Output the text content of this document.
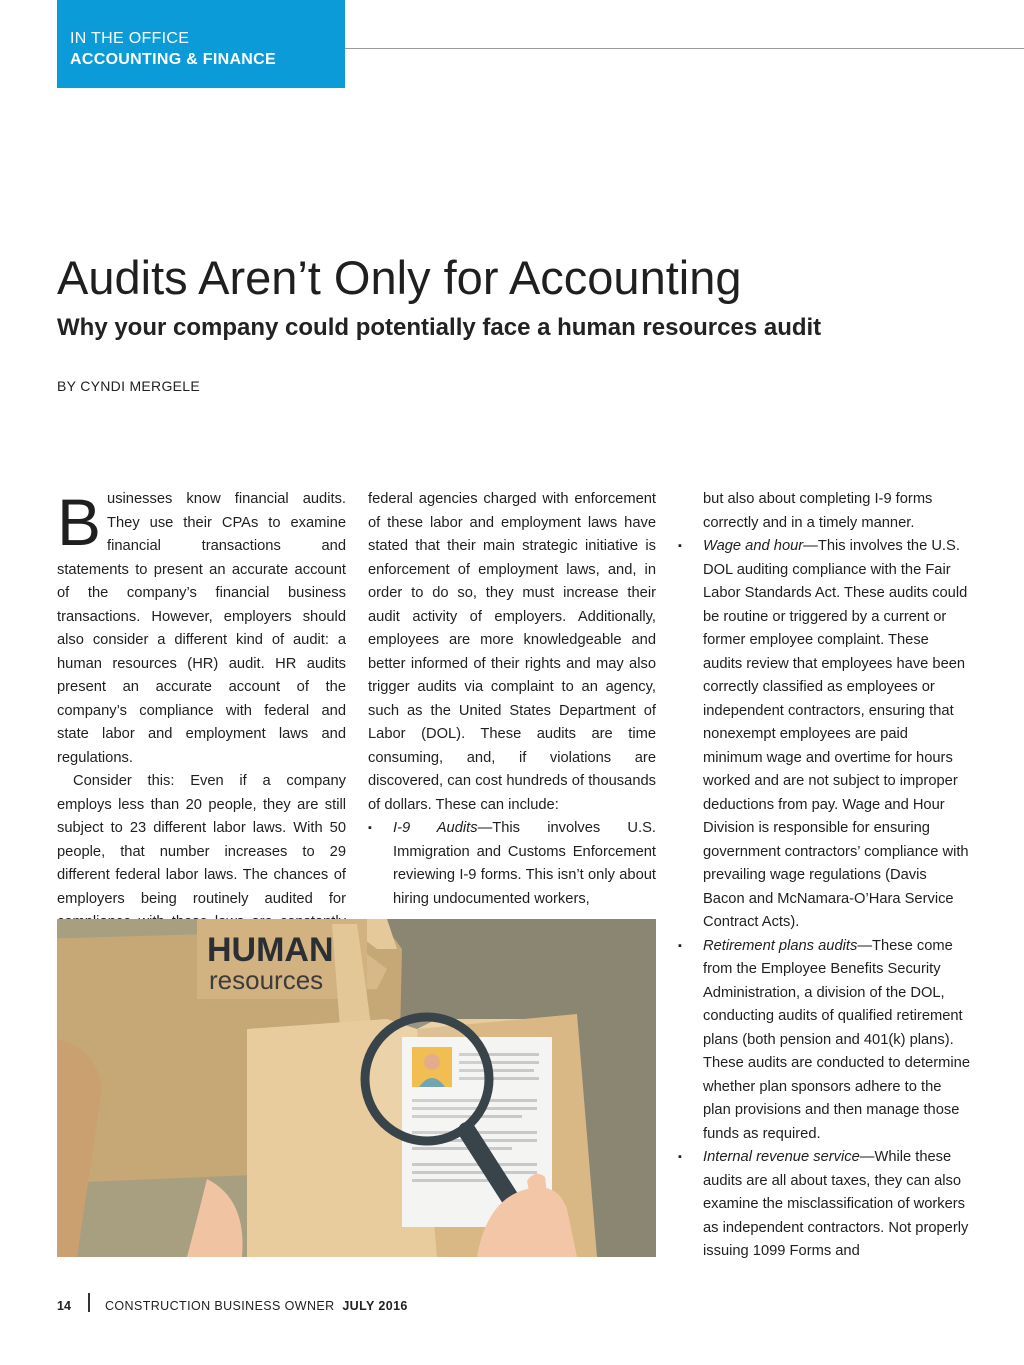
IN THE OFFICE
ACCOUNTING & FINANCE
Audits Aren’t Only for Accounting
Why your company could potentially face a human resources audit
BY CYNDI MERGELE

Businesses know financial audits. They use their CPAs to examine financial transactions and statements to present an accurate account of the company’s financial business transactions. However, employers should also consider a different kind of audit: a human resources (HR) audit. HR audits present an accurate account of the company’s compliance with federal and state labor and employment laws and regulations.

Consider this: Even if a company employs less than 20 people, they are still subject to 23 different labor laws. With 50 people, that number increases to 29 different federal labor laws. The chances of employers being routinely audited for

federal agencies charged with enforcement of these labor and employment laws have stated that their main strategic initiative is enforcement of employment laws, and, in order to do so, they must increase their audit activity of employers. Additionally, employees are more knowledgeable and better informed of their rights and may also trigger audits via complaint to an agency, such as the United States Department of Labor (DOL). These audits are time consuming, and, if violations are discovered, can cost hundreds of thousands of dollars. These can include:

▪ I-9 Audits—This involves U.S. Immigration and Customs Enforcement reviewing I-9 forms. This isn’t only about hiring undocumented workers,
but also about completing I-9 forms correctly and in a timely manner.
▪ Wage and hour—This involves the U.S. DOL auditing compliance with the Fair Labor Standards Act. These audits could be routine or triggered by a current or former employee complaint. These audits review that employees have been correctly classified as employees or independent contractors, ensuring that nonexempt employees are paid minimum wage and overtime for hours worked and are not subject to improper deductions from pay. Wage and Hour Division is responsible for ensuring government contractors’ compliance with prevailing wage regulations (Davis Bacon and McNamara-O’Hara Service Contract Acts).
▪ Retirement plans audits—These come from the Employee Benefits Security Administration, a division of the DOL, conducting audits of qualified retirement plans (both pension and 401(k) plans). These audits are conducted to determine whether plan sponsors adhere to the plan provisions and then manage those funds as required.
▪ Internal revenue service—While these audits are all about taxes, they can also examine the misclassification of workers as independent contractors. Not properly issuing 1099 Forms and
HUMAN
resources
14	CONSTRUCTION BUSINESS OWNER JULY 2016
